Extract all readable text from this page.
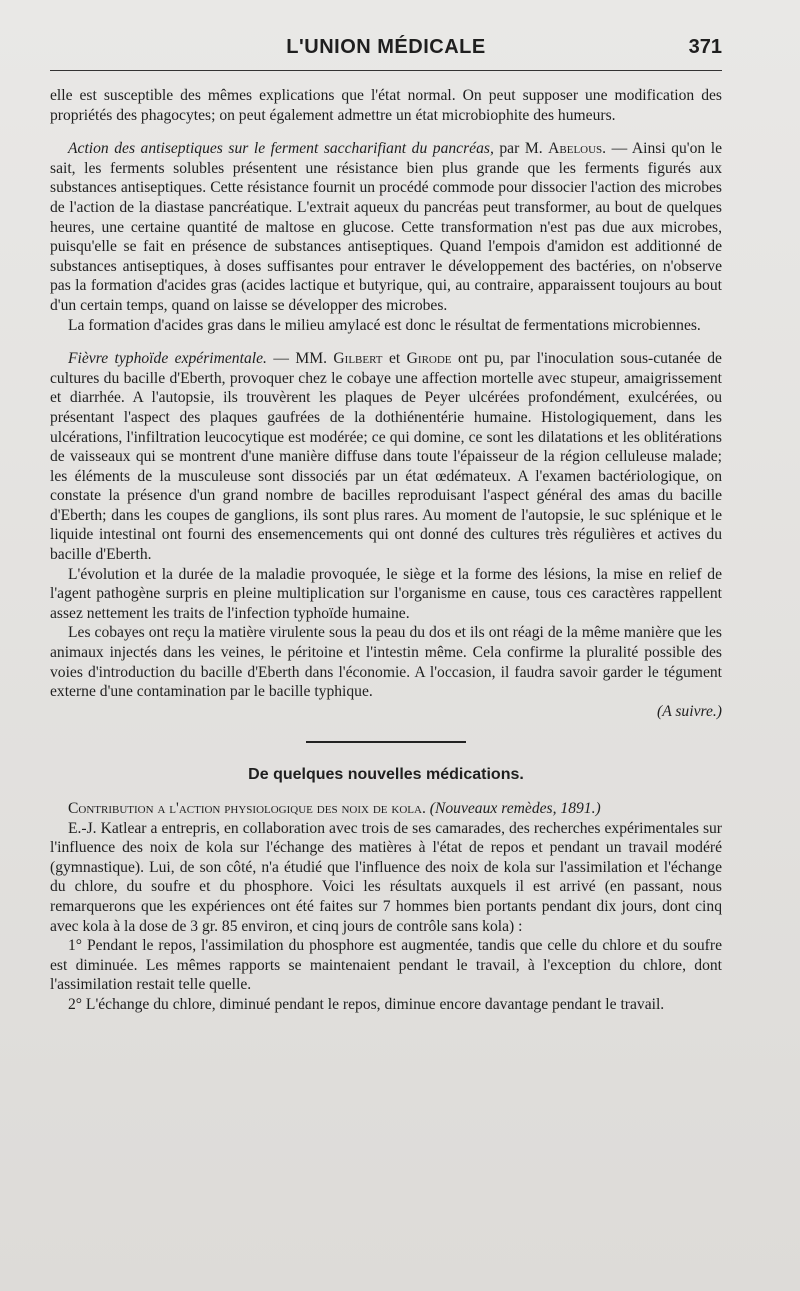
L'UNION MÉDICALE	371

elle est susceptible des mêmes explications que l'état normal. On peut supposer une modification des propriétés des phagocytes; on peut également admettre un état microbiophite des humeurs.

Action des antiseptiques sur le ferment saccharifiant du pancréas, par M. Abelous. — Ainsi qu'on le sait, les ferments solubles présentent une résistance bien plus grande que les ferments figurés aux substances antiseptiques. Cette résistance fournit un procédé commode pour dissocier l'action des microbes de l'action de la diastase pancréatique. L'extrait aqueux du pancréas peut transformer, au bout de quelques heures, une certaine quantité de maltose en glucose. Cette transformation n'est pas due aux microbes, puisqu'elle se fait en présence de substances antiseptiques. Quand l'empois d'amidon est additionné de substances antiseptiques, à doses suffisantes pour entraver le développement des bactéries, on n'observe pas la formation d'acides gras (acides lactique et butyrique, qui, au contraire, apparaissent toujours au bout d'un certain temps, quand on laisse se développer des microbes.

La formation d'acides gras dans le milieu amylacé est donc le résultat de fermentations microbiennes.

Fièvre typhoïde expérimentale. — MM. Gilbert et Girode ont pu, par l'inoculation sous-cutanée de cultures du bacille d'Eberth, provoquer chez le cobaye une affection mortelle avec stupeur, amaigrissement et diarrhée. A l'autopsie, ils trouvèrent les plaques de Peyer ulcérées profondément, exulcérées, ou présentant l'aspect des plaques gaufrées de la dothiénentérie humaine. Histologiquement, dans les ulcérations, l'infiltration leucocytique est modérée; ce qui domine, ce sont les dilatations et les oblitérations de vaisseaux qui se montrent d'une manière diffuse dans toute l'épaisseur de la région celluleuse malade; les éléments de la musculeuse sont dissociés par un état œdémateux. A l'examen bactériologique, on constate la présence d'un grand nombre de bacilles reproduisant l'aspect général des amas du bacille d'Eberth; dans les coupes de ganglions, ils sont plus rares. Au moment de l'autopsie, le suc splénique et le liquide intestinal ont fourni des ensemencements qui ont donné des cultures très régulières et actives du bacille d'Eberth.

L'évolution et la durée de la maladie provoquée, le siège et la forme des lésions, la mise en relief de l'agent pathogène surpris en pleine multiplication sur l'organisme en cause, tous ces caractères rappellent assez nettement les traits de l'infection typhoïde humaine.

Les cobayes ont reçu la matière virulente sous la peau du dos et ils ont réagi de la même manière que les animaux injectés dans les veines, le péritoine et l'intestin même. Cela confirme la pluralité possible des voies d'introduction du bacille d'Eberth dans l'économie. A l'occasion, il faudra savoir garder le tégument externe d'une contamination par le bacille typhique.
(A suivre.)

De quelques nouvelles médications.

Contribution a l'action physiologique des noix de kola. (Nouveaux remèdes, 1891.)

E.-J. Katlear a entrepris, en collaboration avec trois de ses camarades, des recherches expérimentales sur l'influence des noix de kola sur l'échange des matières à l'état de repos et pendant un travail modéré (gymnastique). Lui, de son côté, n'a étudié que l'influence des noix de kola sur l'assimilation et l'échange du chlore, du soufre et du phosphore. Voici les résultats auxquels il est arrivé (en passant, nous remarquerons que les expériences ont été faites sur 7 hommes bien portants pendant dix jours, dont cinq avec kola à la dose de 3 gr. 85 environ, et cinq jours de contrôle sans kola) :

1° Pendant le repos, l'assimilation du phosphore est augmentée, tandis que celle du chlore et du soufre est diminuée. Les mêmes rapports se maintenaient pendant le travail, à l'exception du chlore, dont l'assimilation restait telle quelle.

2° L'échange du chlore, diminué pendant le repos, diminue encore davantage pendant le travail.
